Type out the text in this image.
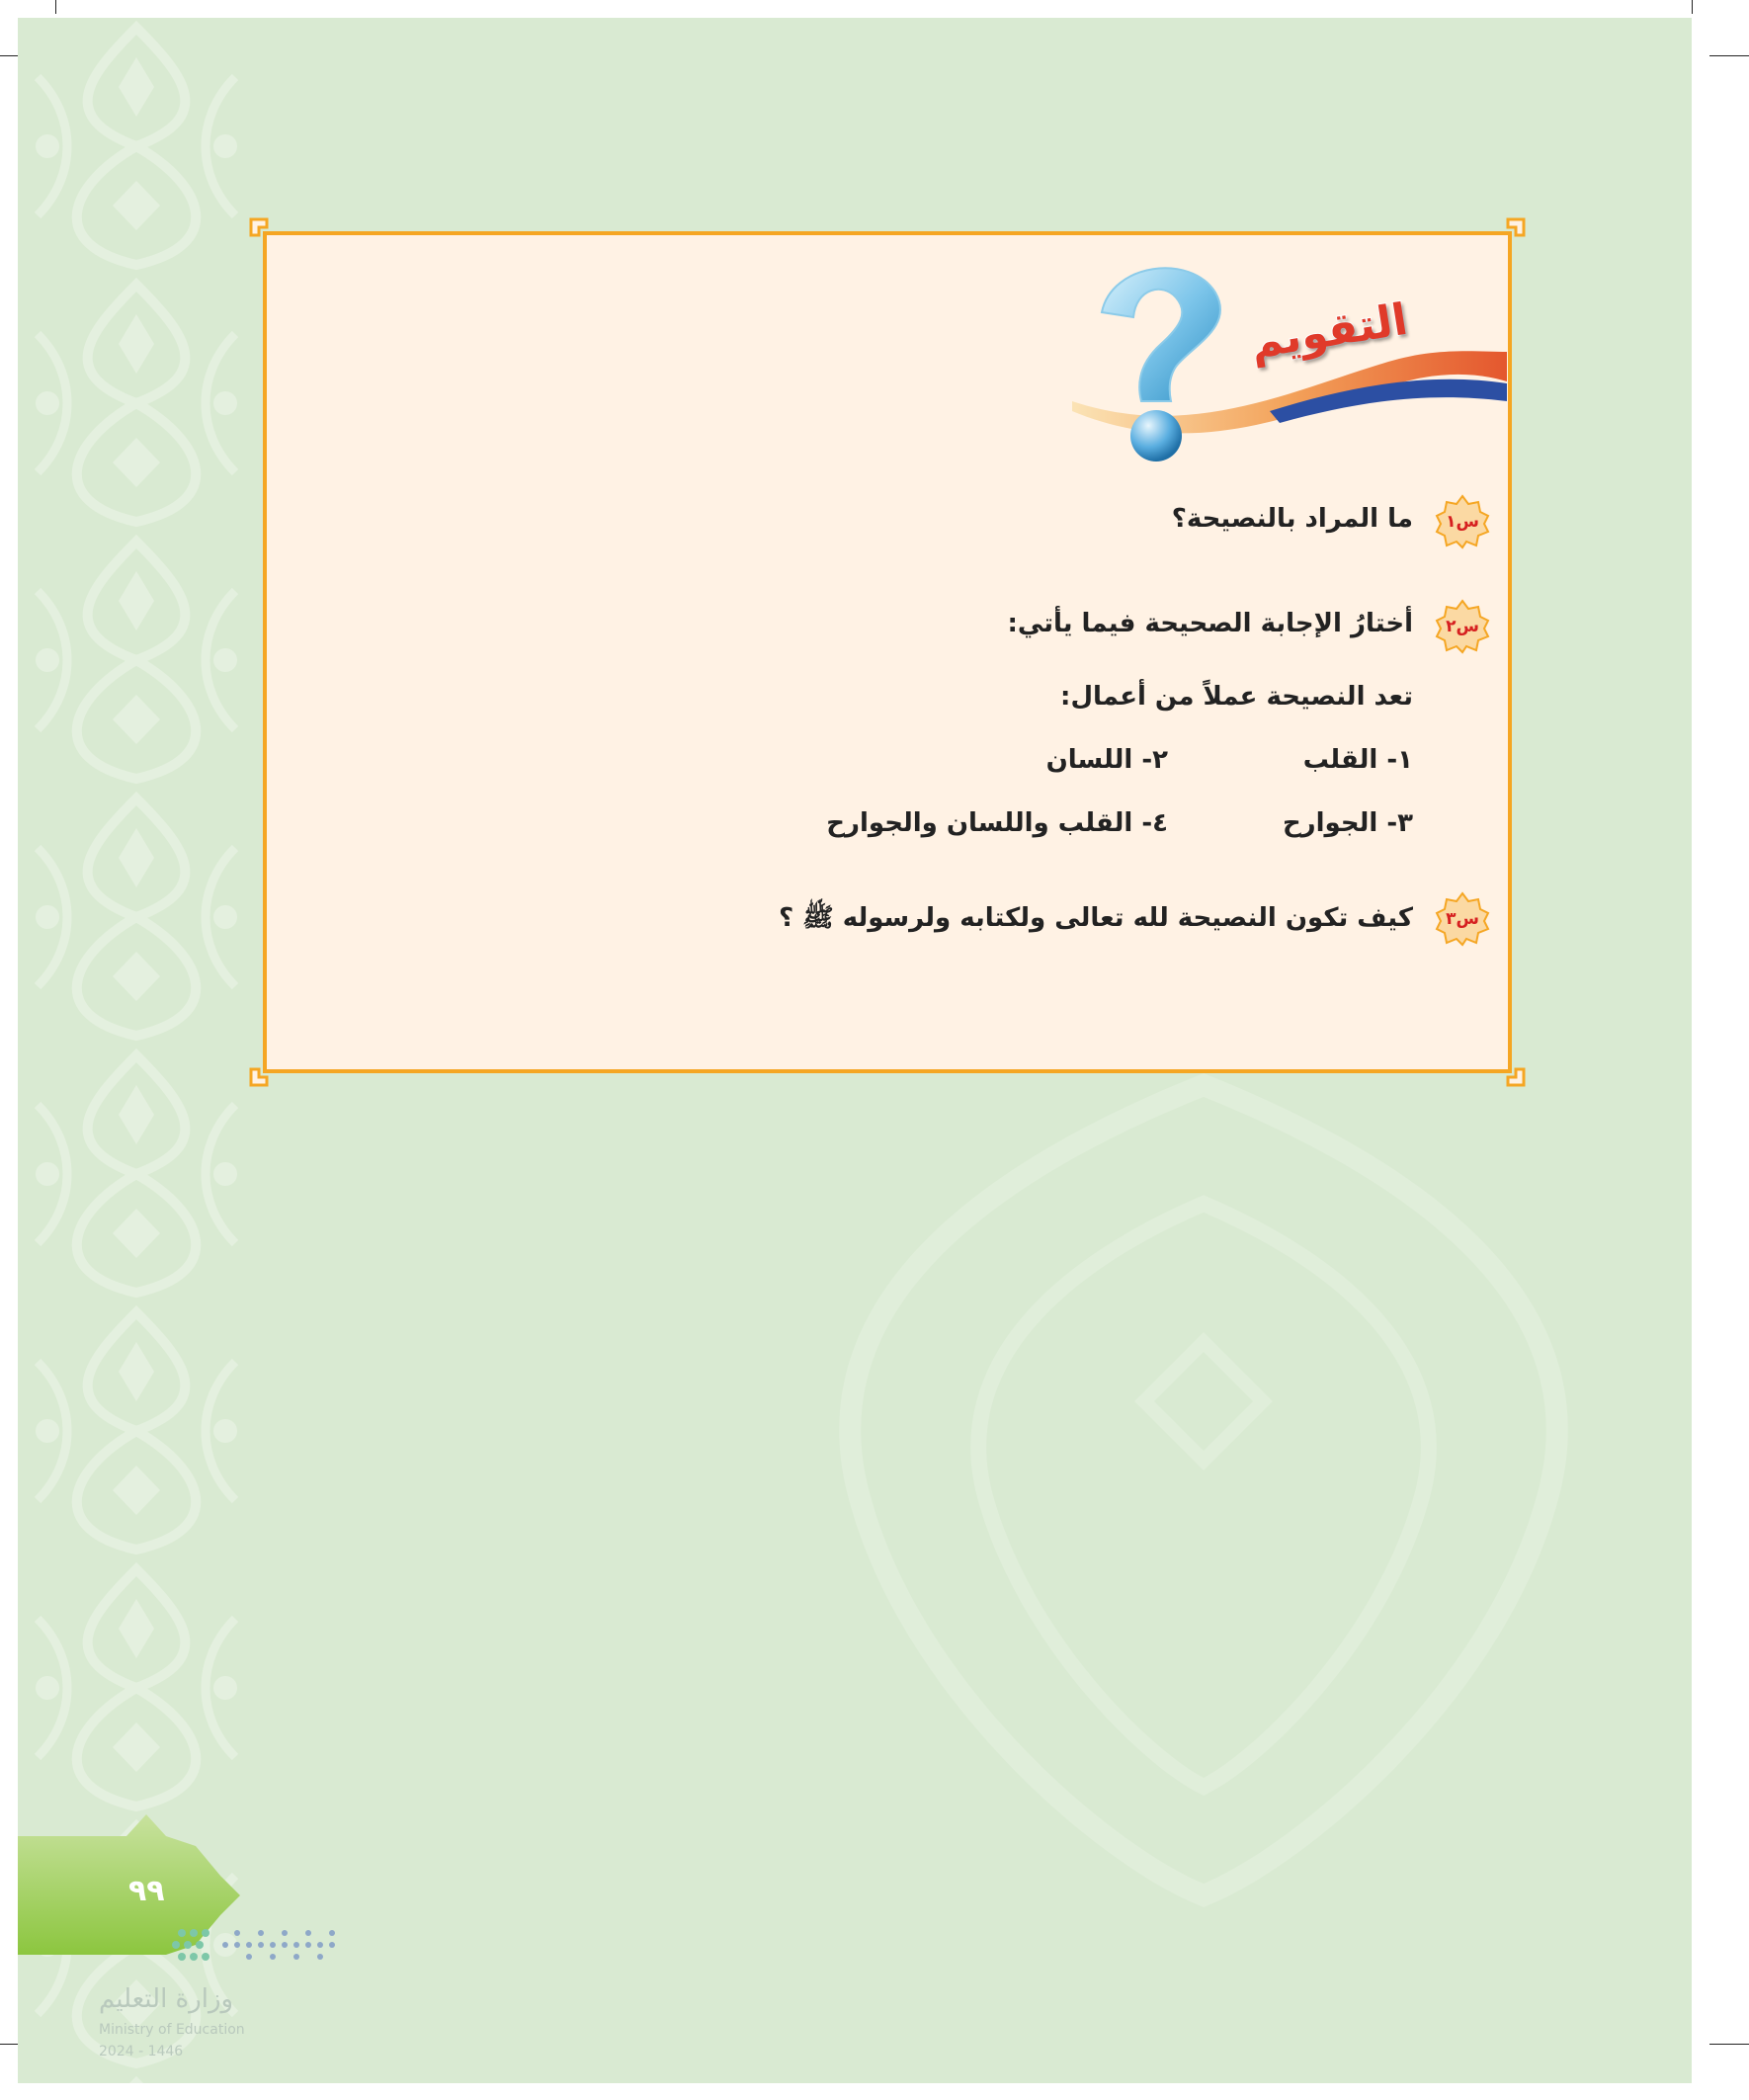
التقويم
س١
ما المراد بالنصيحة؟
س٢
أختارُ الإجابة الصحيحة فيما يأتي:
تعد النصيحة عملاً من أعمال:
١- القلب
٢- اللسان
٣- الجوارح
٤- القلب واللسان والجوارح
س٣
كيف تكون النصيحة لله تعالى ولكتابه ولرسوله ﷺ ؟
٩٩
وزارة التعليم
Ministry of Education
2024 - 1446
